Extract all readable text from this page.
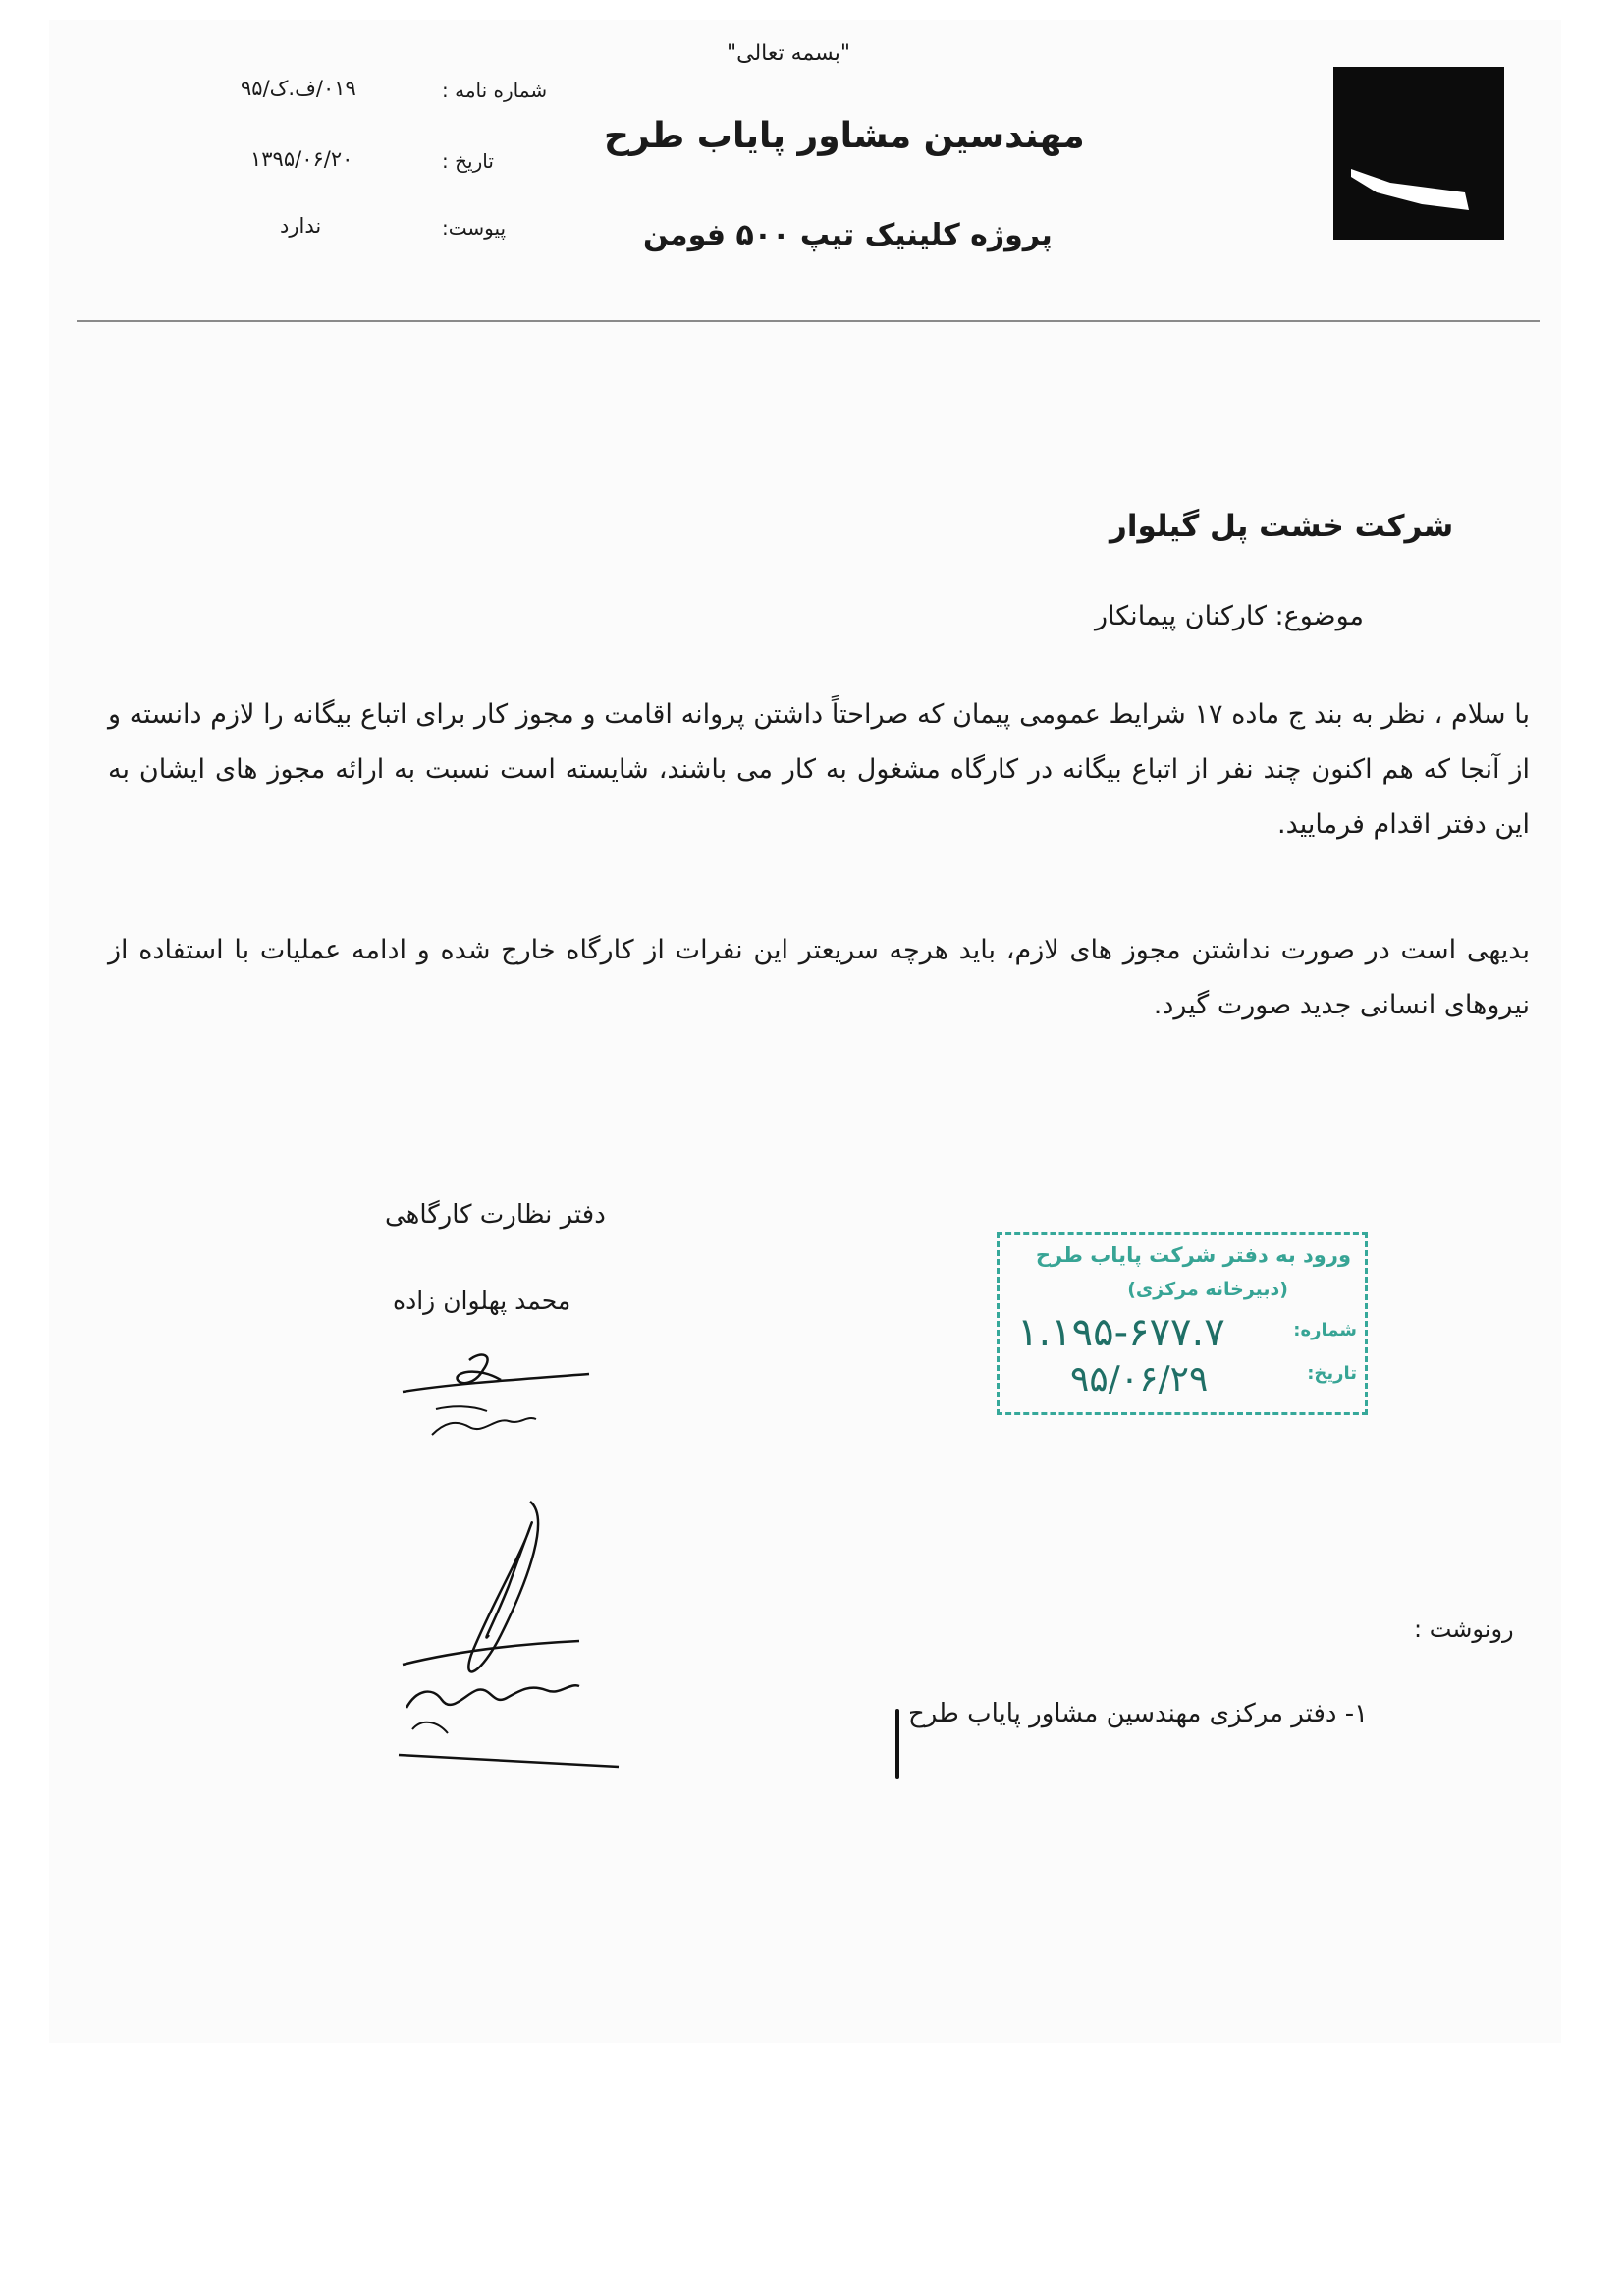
"بسمه تعالی"
مهندسین مشاور پایاب طرح
پروژه کلینیک تیپ ۵۰۰ فومن
شماره نامه :
۰۱۹/ف.ک/۹۵
تاریخ :
۱۳۹۵/۰۶/۲۰
پیوست:
ندارد
شرکت خشت پل گیلوار
موضوع: کارکنان پیمانکار
با سلام ، نظر به بند ج ماده ۱۷ شرایط عمومی پیمان که صراحتاً داشتن پروانه اقامت و مجوز کار برای اتباع بیگانه را لازم دانسته و از آنجا که هم اکنون چند نفر از اتباع بیگانه در کارگاه مشغول به کار می باشند، شایسته است نسبت به ارائه مجوز های ایشان به این دفتر اقدام فرمایید.
بدیهی است در صورت نداشتن مجوز های لازم، باید هرچه سریعتر این نفرات از کارگاه خارج شده و ادامه عملیات با استفاده از نیروهای انسانی جدید صورت گیرد.
دفتر نظارت کارگاهی
محمد پهلوان زاده
ورود به دفتر شرکت پایاب طرح
(دبیرخانه مرکزی)
شماره:
تاریخ:
۱.۱۹۵-۶۷۷.۷
۹۵/۰۶/۲۹
رونوشت :
۱- دفتر مرکزی مهندسین مشاور پایاب طرح
